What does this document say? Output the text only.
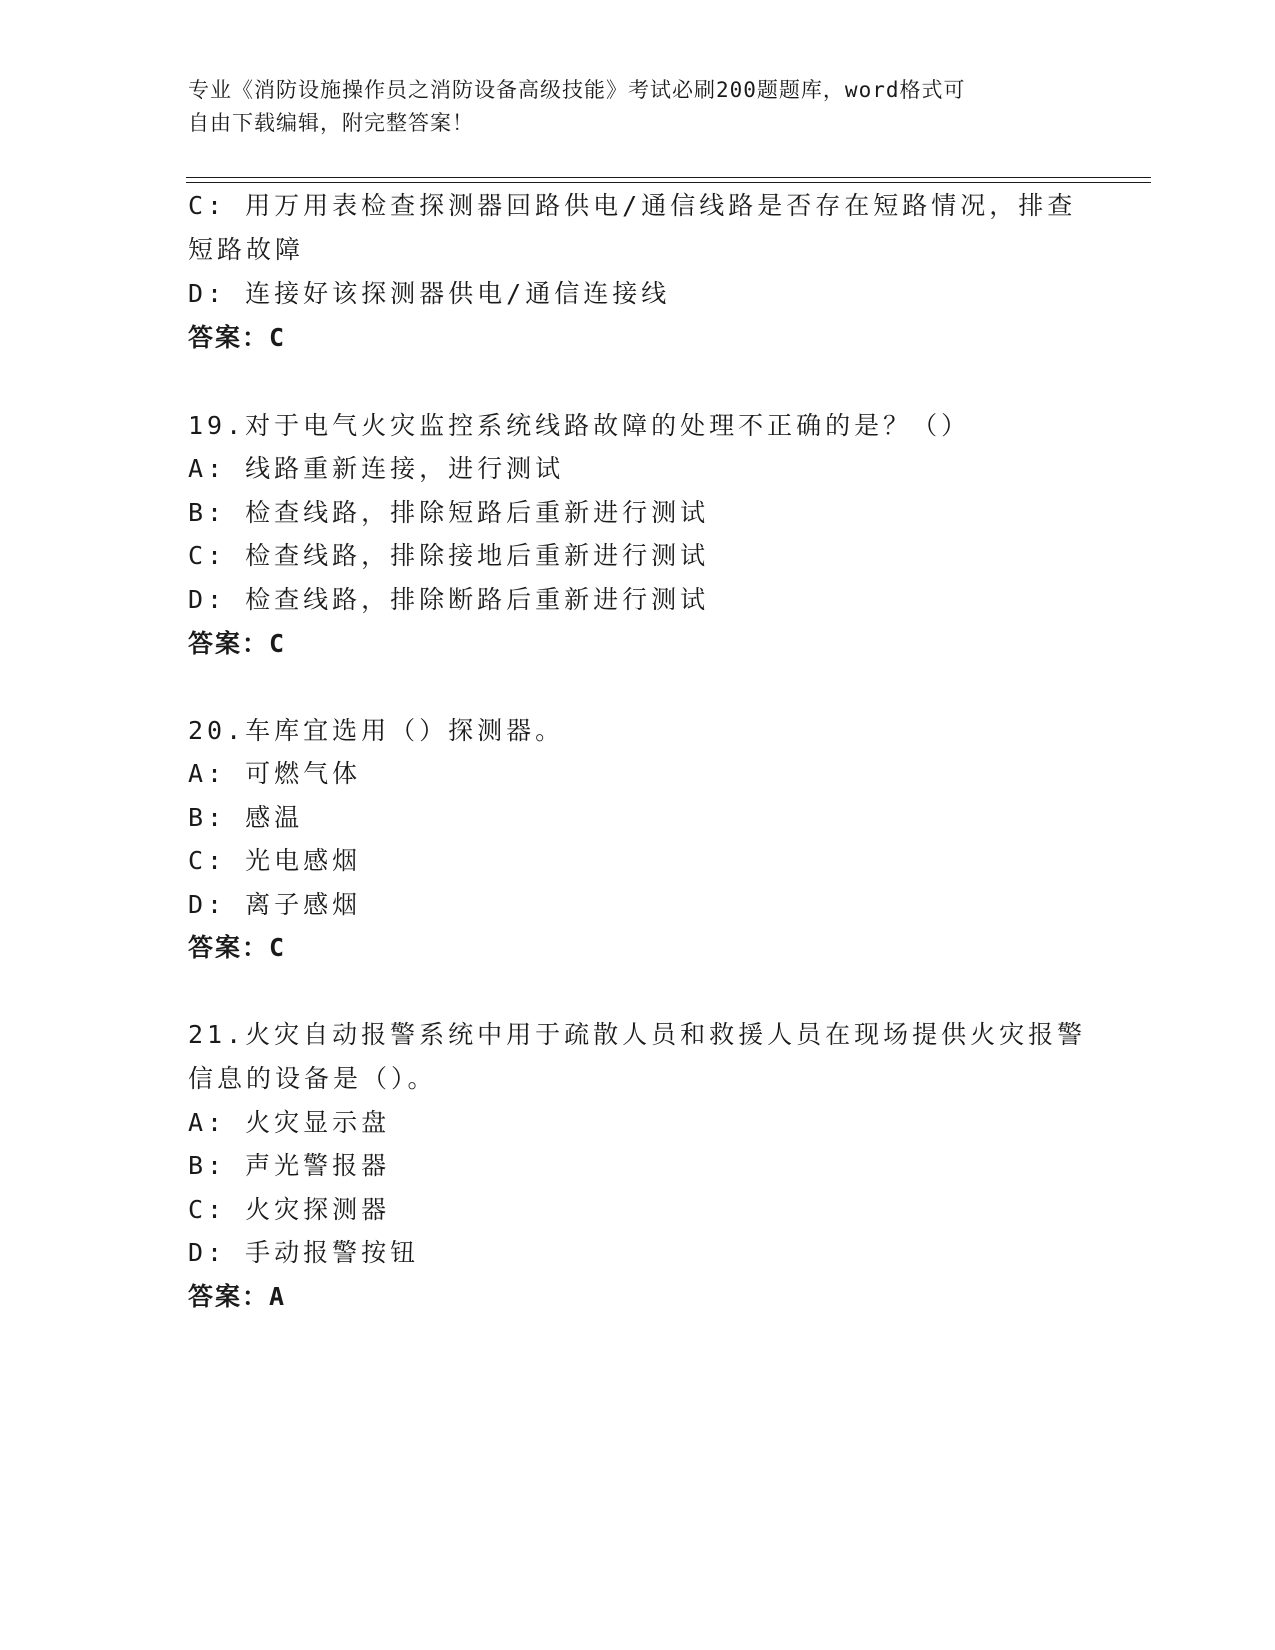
专业《消防设施操作员之消防设备高级技能》考试必刷200题题库，word格式可
自由下载编辑，附完整答案！
C: 用万用表检查探测器回路供电/通信线路是否存在短路情况，排查
短路故障
D: 连接好该探测器供电/通信连接线
答案：C
19.对于电气火灾监控系统线路故障的处理不正确的是？（）
A: 线路重新连接，进行测试
B: 检查线路，排除短路后重新进行测试
C: 检查线路，排除接地后重新进行测试
D: 检查线路，排除断路后重新进行测试
答案：C
20.车库宜选用（）探测器。
A: 可燃气体
B: 感温
C: 光电感烟
D: 离子感烟
答案：C
21.火灾自动报警系统中用于疏散人员和救援人员在现场提供火灾报警
信息的设备是（）。
A: 火灾显示盘
B: 声光警报器
C: 火灾探测器
D: 手动报警按钮
答案：A
